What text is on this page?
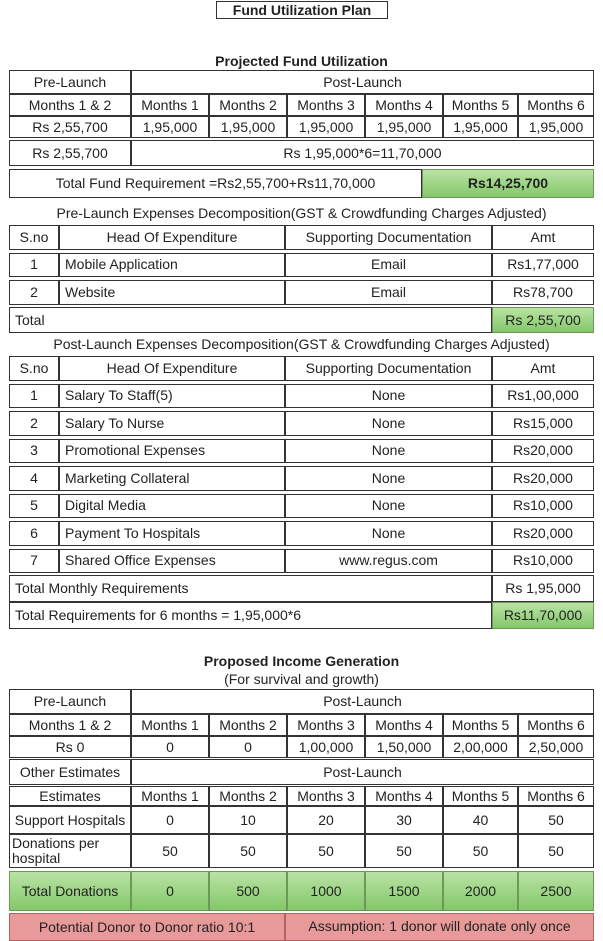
Fund Utilization Plan
Projected Fund Utilization
Pre-Launch	Post-Launch
Months 1 & 2	Months 1	Months 2	Months 3	Months 4	Months 5	Months 6
Rs 2,55,700	1,95,000	1,95,000	1,95,000	1,95,000	1,95,000	1,95,000
Rs 2,55,700	Rs 1,95,000*6=11,70,000
Total Fund Requirement =Rs2,55,700+Rs11,70,000	Rs14,25,700
Pre-Launch Expenses Decomposition(GST & Crowdfunding Charges Adjusted)
S.no	Head Of Expenditure	Supporting Documentation	Amt
1	Mobile Application	Email	Rs1,77,000
2	Website	Email	Rs78,700
Total	Rs 2,55,700
Post-Launch Expenses Decomposition(GST & Crowdfunding Charges Adjusted)
S.no	Head Of Expenditure	Supporting Documentation	Amt
1	Salary To Staff(5)	None	Rs1,00,000
2	Salary To Nurse	None	Rs15,000
3	Promotional Expenses	None	Rs20,000
4	Marketing Collateral	None	Rs20,000
5	Digital Media	None	Rs10,000
6	Payment To Hospitals	None	Rs20,000
7	Shared Office Expenses	www.regus.com	Rs10,000
Total Monthly Requirements	Rs 1,95,000
Total Requirements for 6 months = 1,95,000*6	Rs11,70,000
Proposed Income Generation
(For survival and growth)
Pre-Launch	Post-Launch
Months 1 & 2	Months 1	Months 2	Months 3	Months 4	Months 5	Months 6
Rs 0	0	0	1,00,000	1,50,000	2,00,000	2,50,000
Other Estimates	Post-Launch
Estimates	Months 1	Months 2	Months 3	Months 4	Months 5	Months 6
Support Hospitals	0	10	20	30	40	50
Donations per hospital	50	50	50	50	50	50
Total Donations	0	500	1000	1500	2000	2500
Potential Donor to Donor ratio 10:1	Assumption: 1 donor will donate only once
